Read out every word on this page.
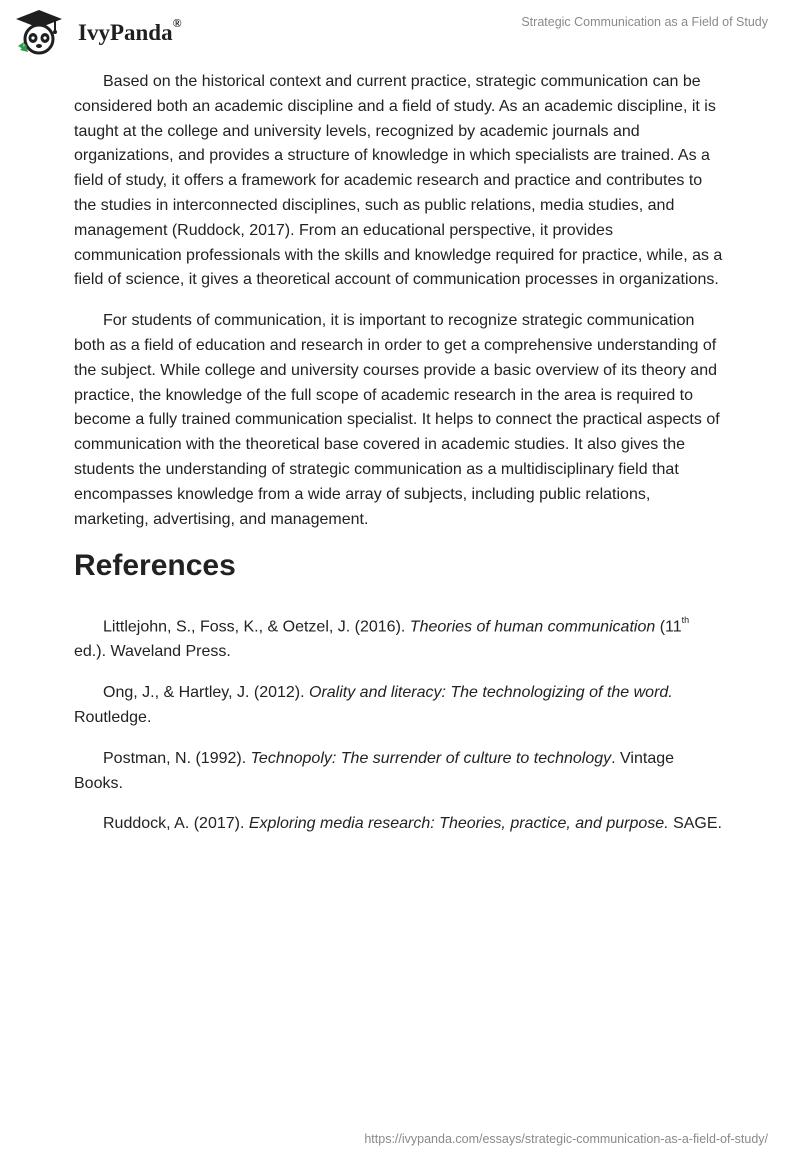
IvyPanda®	Strategic Communication as a Field of Study

Based on the historical context and current practice, strategic communication can be considered both an academic discipline and a field of study. As an academic discipline, it is taught at the college and university levels, recognized by academic journals and organizations, and provides a structure of knowledge in which specialists are trained. As a field of study, it offers a framework for academic research and practice and contributes to the studies in interconnected disciplines, such as public relations, media studies, and management (Ruddock, 2017). From an educational perspective, it provides communication professionals with the skills and knowledge required for practice, while, as a field of science, it gives a theoretical account of communication processes in organizations.

For students of communication, it is important to recognize strategic communication both as a field of education and research in order to get a comprehensive understanding of the subject. While college and university courses provide a basic overview of its theory and practice, the knowledge of the full scope of academic research in the area is required to become a fully trained communication specialist. It helps to connect the practical aspects of communication with the theoretical base covered in academic studies. It also gives the students the understanding of strategic communication as a multidisciplinary field that encompasses knowledge from a wide array of subjects, including public relations, marketing, advertising, and management.

References

Littlejohn, S., Foss, K., & Oetzel, J. (2016). Theories of human communication (11th ed.). Waveland Press.

Ong, J., & Hartley, J. (2012). Orality and literacy: The technologizing of the word. Routledge.

Postman, N. (1992). Technopoly: The surrender of culture to technology. Vintage Books.

Ruddock, A. (2017). Exploring media research: Theories, practice, and purpose. SAGE.

https://ivypanda.com/essays/strategic-communication-as-a-field-of-study/
